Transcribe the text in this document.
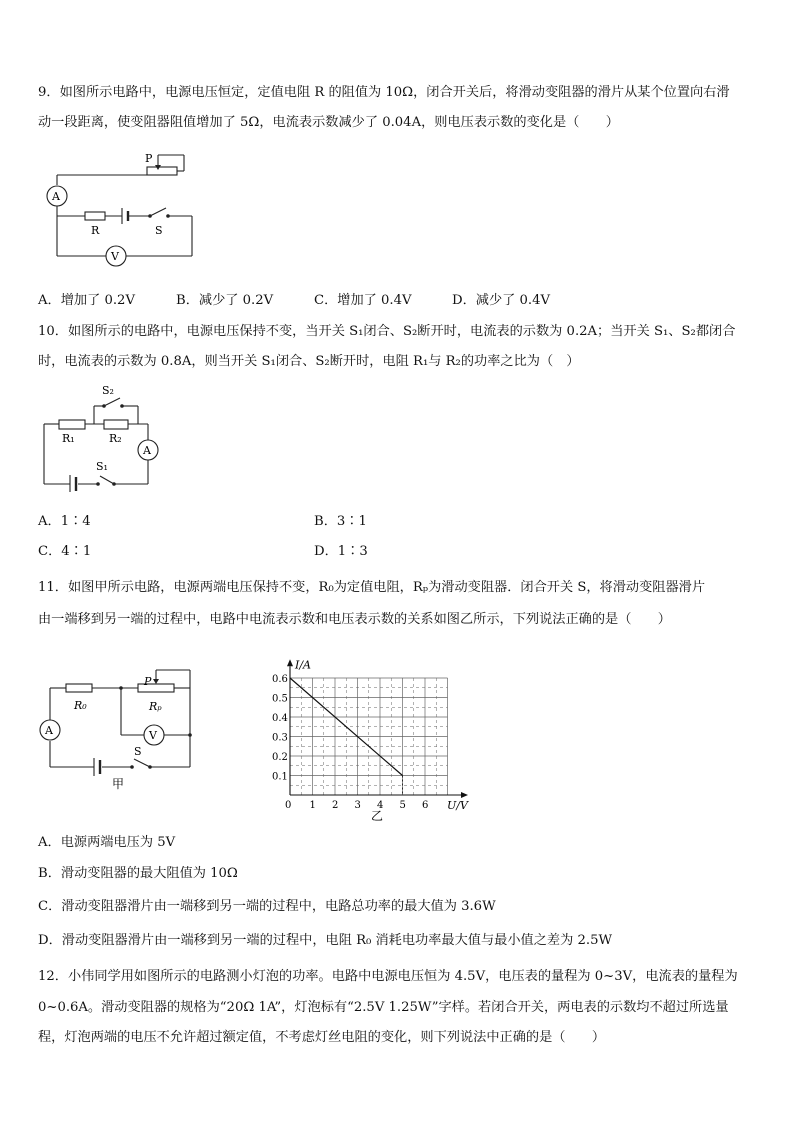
9．如图所示电路中，电源电压恒定，定值电阻 R 的阻值为 10Ω，闭合开关后，将滑动变阻器的滑片从某个位置向右滑
动一段距离，使变阻器阻值增加了 5Ω，电流表示数减少了 0.04A，则电压表示数的变化是（　　）
P
A
R	S
V
A．增加了 0.2V	B．减少了 0.2V	C．增加了 0.4V	D．减少了 0.4V
10．如图所示的电路中，电源电压保持不变，当开关 S₁闭合、S₂断开时，电流表的示数为 0.2A；当开关 S₁、S₂都闭合
时，电流表的示数为 0.8A，则当开关 S₁闭合、S₂断开时，电阻 R₁与 R₂的功率之比为（　）
S₂
R₁	R₂
A
S₁
A．1∶4	B．3∶1
C．4∶1	D．1∶3
11．如图甲所示电路，电源两端电压保持不变，R₀为定值电阻，Rₚ为滑动变阻器．闭合开关 S，将滑动变阻器滑片
由一端移到另一端的过程中，电路中电流表示数和电压表示数的关系如图乙所示，下列说法正确的是（　　）
P
R₀	Rₚ
A	V
S
甲
0 1 2 3 4 5 6
0.1
0.2
0.3
0.4
0.5
0.6
I/A
U/V
乙
A．电源两端电压为 5V
B．滑动变阻器的最大阻值为 10Ω
C．滑动变阻器滑片由一端移到另一端的过程中，电路总功率的最大值为 3.6W
D．滑动变阻器滑片由一端移到另一端的过程中，电阻 R₀ 消耗电功率最大值与最小值之差为 2.5W
12．小伟同学用如图所示的电路测小灯泡的功率。电路中电源电压恒为 4.5V，电压表的量程为 0~3V，电流表的量程为
0~0.6A。滑动变阻器的规格为“20Ω 1A”，灯泡标有“2.5V 1.25W”字样。若闭合开关，两电表的示数均不超过所选量
程，灯泡两端的电压不允许超过额定值，不考虑灯丝电阻的变化，则下列说法中正确的是（　　）
